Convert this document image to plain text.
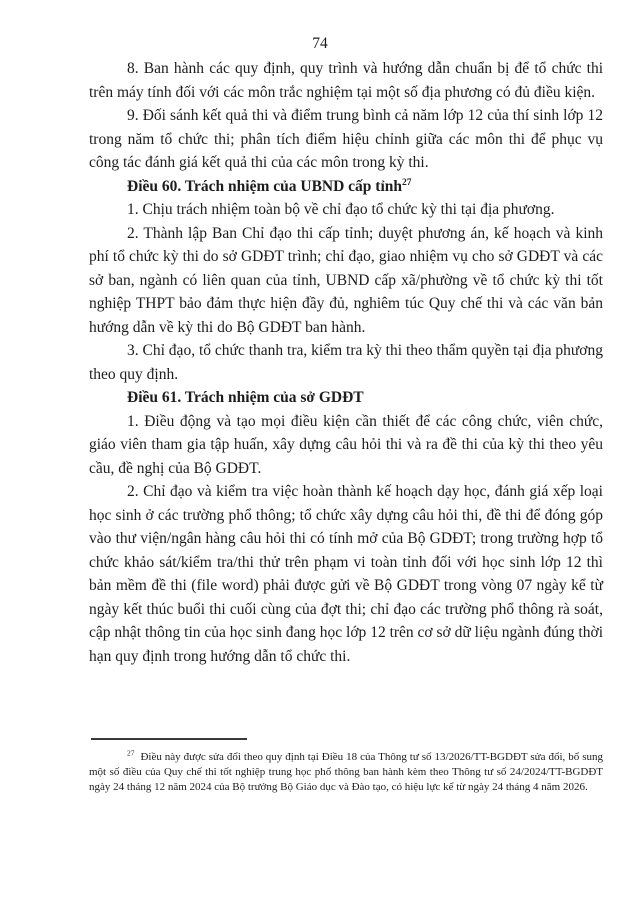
74

8. Ban hành các quy định, quy trình và hướng dẫn chuẩn bị để tổ chức thi trên máy tính đối với các môn trắc nghiệm tại một số địa phương có đủ điều kiện.

9. Đối sánh kết quả thi và điểm trung bình cả năm lớp 12 của thí sinh lớp 12 trong năm tổ chức thi; phân tích điểm hiệu chỉnh giữa các môn thi để phục vụ công tác đánh giá kết quả thi của các môn trong kỳ thi.

Điều 60. Trách nhiệm của UBND cấp tỉnh$^{27}$

1. Chịu trách nhiệm toàn bộ về chỉ đạo tổ chức kỳ thi tại địa phương.

2. Thành lập Ban Chỉ đạo thi cấp tỉnh; duyệt phương án, kế hoạch và kinh phí tổ chức kỳ thi do sở GDĐT trình; chỉ đạo, giao nhiệm vụ cho sở GDĐT và các sở ban, ngành có liên quan của tỉnh, UBND cấp xã/phường về tổ chức kỳ thi tốt nghiệp THPT bảo đảm thực hiện đầy đủ, nghiêm túc Quy chế thi và các văn bản hướng dẫn về kỳ thi do Bộ GDĐT ban hành.

3. Chỉ đạo, tổ chức thanh tra, kiểm tra kỳ thi theo thẩm quyền tại địa phương theo quy định.

Điều 61. Trách nhiệm của sở GDĐT

1. Điều động và tạo mọi điều kiện cần thiết để các công chức, viên chức, giáo viên tham gia tập huấn, xây dựng câu hỏi thi và ra đề thi của kỳ thi theo yêu cầu, đề nghị của Bộ GDĐT.

2. Chỉ đạo và kiểm tra việc hoàn thành kế hoạch dạy học, đánh giá xếp loại học sinh ở các trường phổ thông; tổ chức xây dựng câu hỏi thi, đề thi để đóng góp vào thư viện/ngân hàng câu hỏi thi có tính mở của Bộ GDĐT; trong trường hợp tổ chức khảo sát/kiểm tra/thi thử trên phạm vi toàn tỉnh đối với học sinh lớp 12 thì bản mềm đề thi (file word) phải được gửi về Bộ GDĐT trong vòng 07 ngày kể từ ngày kết thúc buổi thi cuối cùng của đợt thi; chỉ đạo các trường phổ thông rà soát, cập nhật thông tin của học sinh đang học lớp 12 trên cơ sở dữ liệu ngành đúng thời hạn quy định trong hướng dẫn tổ chức thi.

$^{27}$ Điều này được sửa đổi theo quy định tại Điều 18 của Thông tư số 13/2026/TT-BGDĐT sửa đổi, bổ sung một số điều của Quy chế thi tốt nghiệp trung học phổ thông ban hành kèm theo Thông tư số 24/2024/TT-BGDĐT ngày 24 tháng 12 năm 2024 của Bộ trưởng Bộ Giáo dục và Đào tạo, có hiệu lực kể từ ngày 24 tháng 4 năm 2026.
